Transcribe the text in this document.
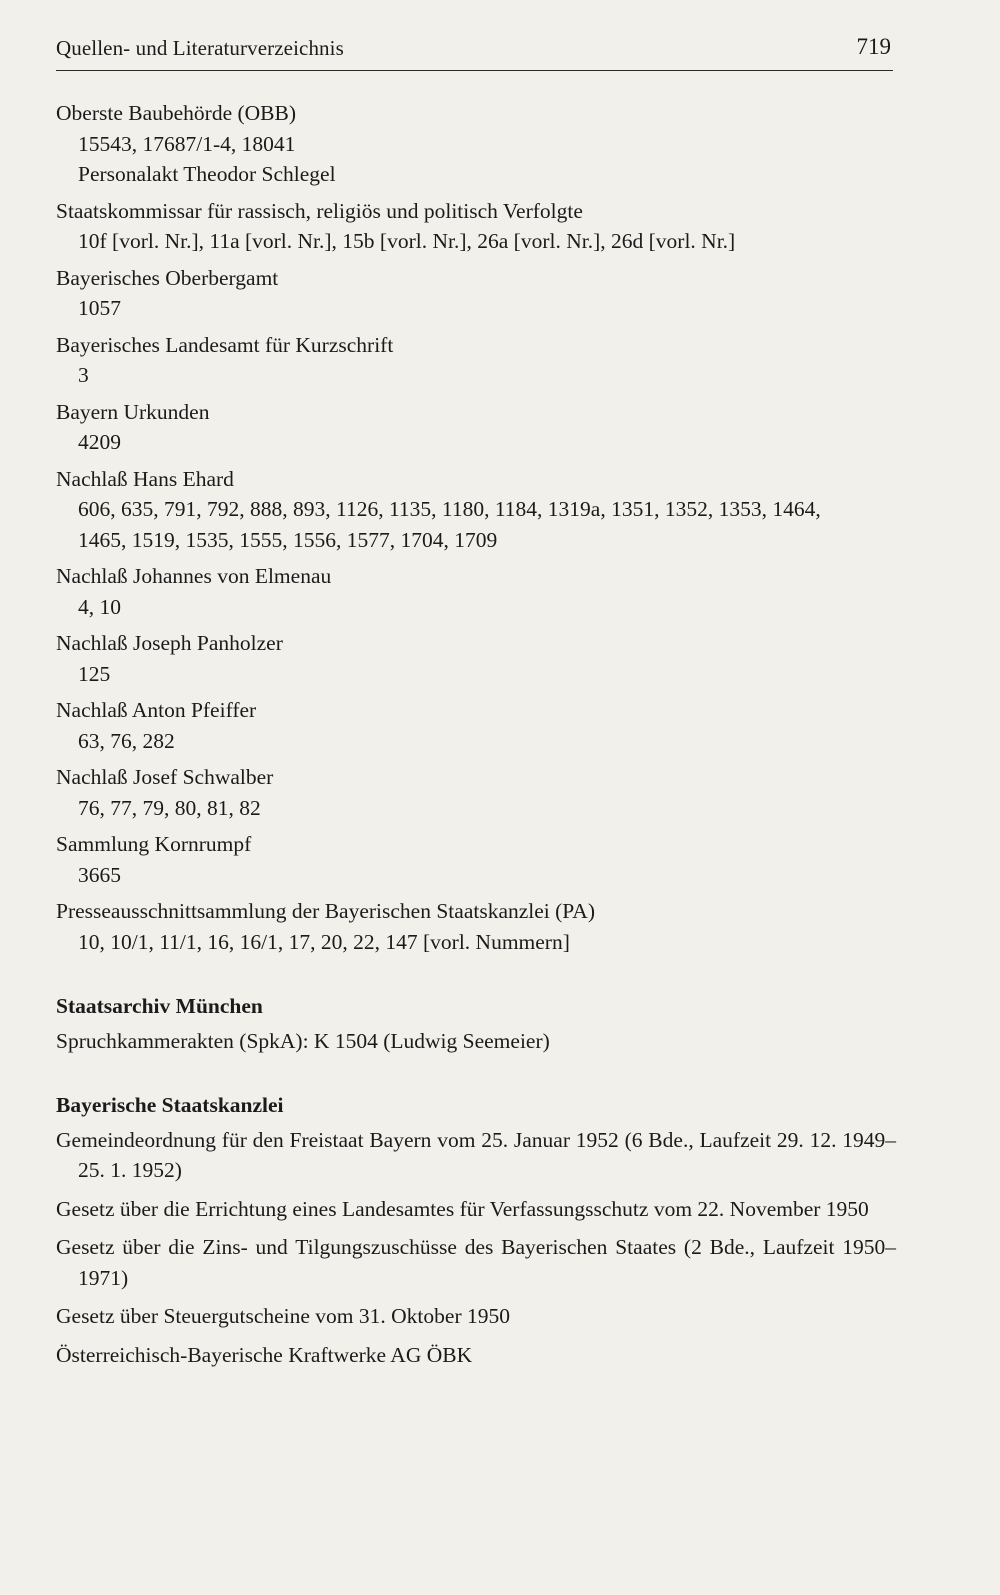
Quellen- und Literaturverzeichnis	719
Oberste Baubehörde (OBB)
15543, 17687/1-4, 18041
Personalakt Theodor Schlegel
Staatskommissar für rassisch, religiös und politisch Verfolgte
10f [vorl. Nr.], 11a [vorl. Nr.], 15b [vorl. Nr.], 26a [vorl. Nr.], 26d [vorl. Nr.]
Bayerisches Oberbergamt
1057
Bayerisches Landesamt für Kurzschrift
3
Bayern Urkunden
4209
Nachlaß Hans Ehard
606, 635, 791, 792, 888, 893, 1126, 1135, 1180, 1184, 1319a, 1351, 1352, 1353, 1464,
1465, 1519, 1535, 1555, 1556, 1577, 1704, 1709
Nachlaß Johannes von Elmenau
4, 10
Nachlaß Joseph Panholzer
125
Nachlaß Anton Pfeiffer
63, 76, 282
Nachlaß Josef Schwalber
76, 77, 79, 80, 81, 82
Sammlung Kornrumpf
3665
Presseausschnittsammlung der Bayerischen Staatskanzlei (PA)
10, 10/1, 11/1, 16, 16/1, 17, 20, 22, 147 [vorl. Nummern]
Staatsarchiv München
Spruchkammerakten (SpkA): K 1504 (Ludwig Seemeier)
Bayerische Staatskanzlei
Gemeindeordnung für den Freistaat Bayern vom 25. Januar 1952 (6 Bde., Laufzeit 29. 12. 1949–25. 1. 1952)
Gesetz über die Errichtung eines Landesamtes für Verfassungsschutz vom 22. November 1950
Gesetz über die Zins- und Tilgungszuschüsse des Bayerischen Staates (2 Bde., Laufzeit 1950–1971)
Gesetz über Steuergutscheine vom 31. Oktober 1950
Österreichisch-Bayerische Kraftwerke AG ÖBK
